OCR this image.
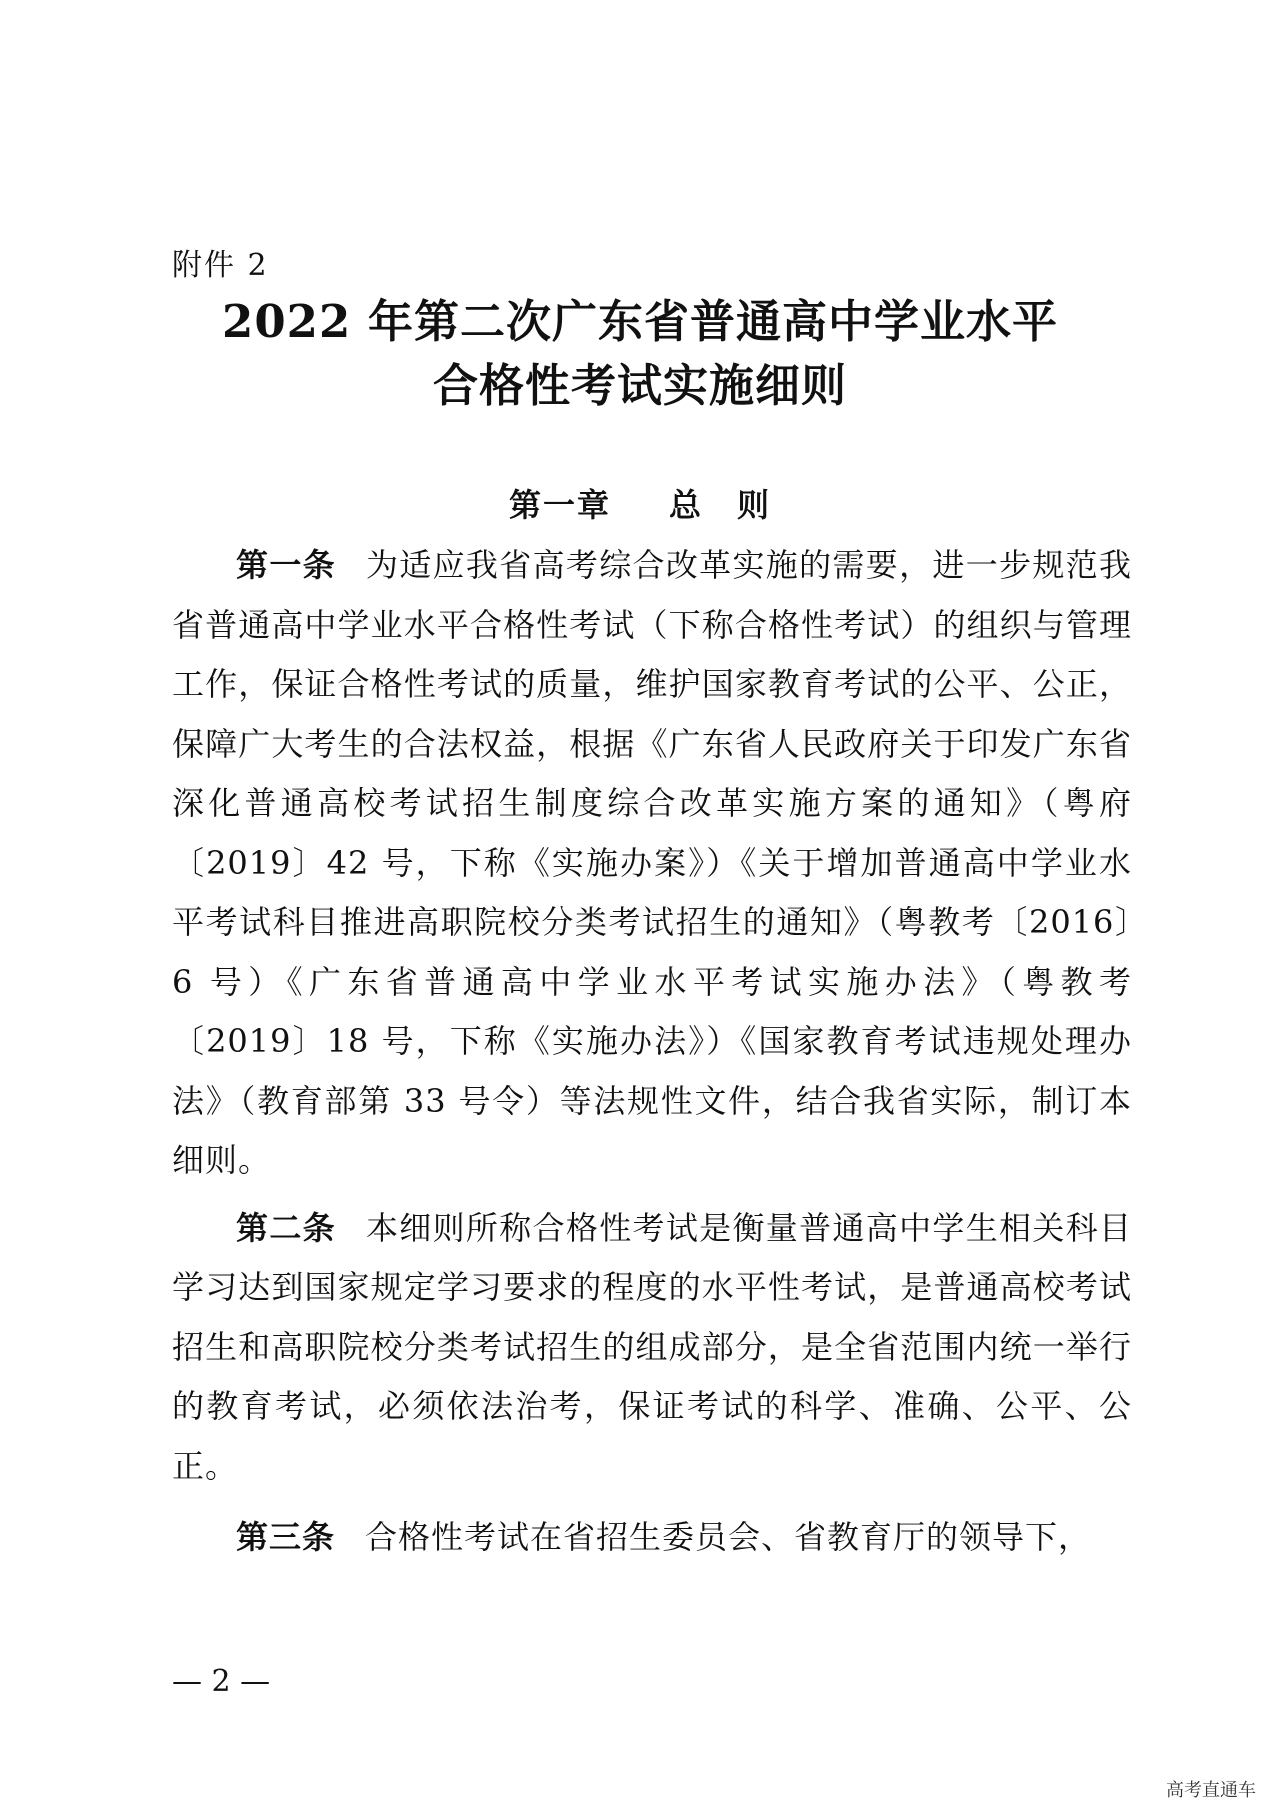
附件 2
2022 年第二次广东省普通高中学业水平
合格性考试实施细则
第一章 总　则

第一条 为适应我省高考综合改革实施的需要，进一步规范我省普通高中学业水平合格性考试（下称合格性考试）的组织与管理工作，保证合格性考试的质量，维护国家教育考试的公平、公正，保障广大考生的合法权益，根据《广东省人民政府关于印发广东省深化普通高校考试招生制度综合改革实施方案的通知》（粤府〔2019〕42 号，下称《实施办案》）《关于增加普通高中学业水平考试科目推进高职院校分类考试招生的通知》（粤教考〔2016〕6 号）《广东省普通高中学业水平考试实施办法》（粤教考〔2019〕18 号，下称《实施办法》）《国家教育考试违规处理办法》（教育部第 33 号令）等法规性文件，结合我省实际，制订本细则。

第二条 本细则所称合格性考试是衡量普通高中学生相关科目学习达到国家规定学习要求的程度的水平性考试，是普通高校考试招生和高职院校分类考试招生的组成部分，是全省范围内统一举行的教育考试，必须依法治考，保证考试的科学、准确、公平、公正。

第三条 合格性考试在省招生委员会、省教育厅的领导下，

— 2 —
高考直通车
